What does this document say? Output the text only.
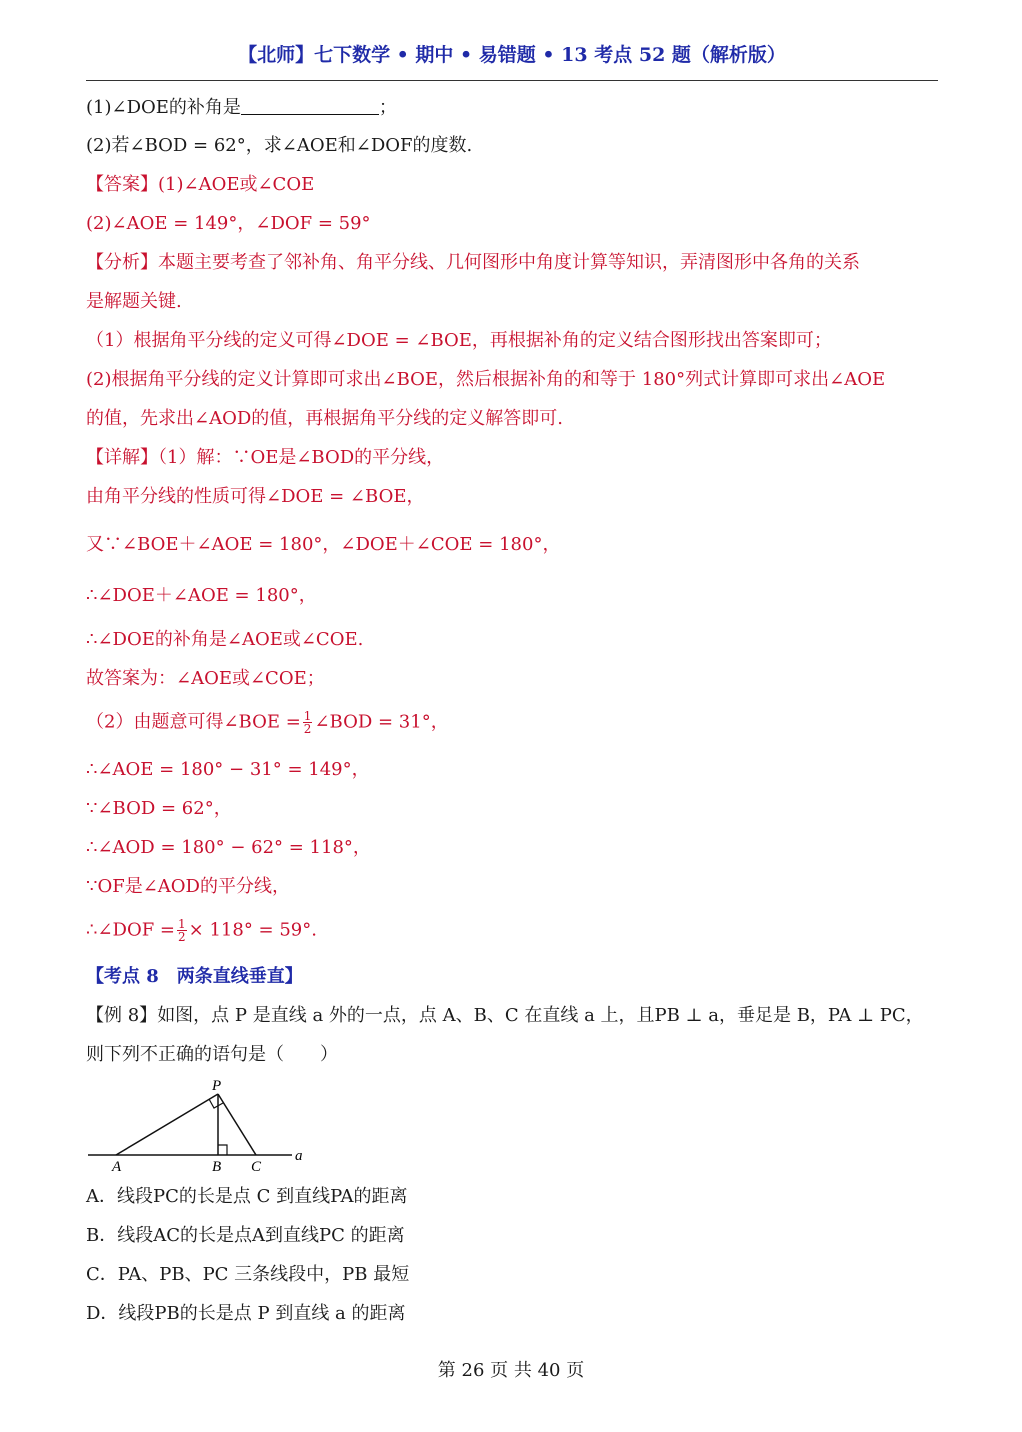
【北师】七下数学 • 期中 • 易错题 • 13 考点 52 题（解析版）
(1)∠DOE的补角是	；
(2)若∠BOD = 62°，求∠AOE和∠DOF的度数.
【答案】(1)∠AOE或∠COE
(2)∠AOE = 149°，∠DOF = 59°
【分析】本题主要考查了邻补角、角平分线、几何图形中角度计算等知识，弄清图形中各角的关系
是解题关键.
（1）根据角平分线的定义可得∠DOE = ∠BOE，再根据补角的定义结合图形找出答案即可；
(2)根据角平分线的定义计算即可求出∠BOE，然后根据补角的和等于 180°列式计算即可求出∠AOE
的值，先求出∠AOD的值，再根据角平分线的定义解答即可.
【详解】（1）解：∵OE是∠BOD的平分线，
由角平分线的性质可得∠DOE = ∠BOE，
又∵∠BOE＋∠AOE = 180°，∠DOE＋∠COE = 180°，
∴∠DOE＋∠AOE = 180°，
∴∠DOE的补角是∠AOE或∠COE.
故答案为：∠AOE或∠COE；
（2）由题意可得∠BOE = $\frac{1}{2}$ ∠BOD = 31°，
∴∠AOE = 180° − 31° = 149°，
∵∠BOD = 62°，
∴∠AOD = 180° − 62° = 118°，
∵OF是∠AOD的平分线，
∴∠DOF = $\frac{1}{2} \times 118^\circ = 59^\circ$.
【考点 8　两条直线垂直】
【例 8】如图，点 P 是直线 a 外的一点，点 A、B、C 在直线 a 上，且PB ⊥ a，垂足是 B，PA ⊥ PC，
则下列不正确的语句是（　　）
P
A	B C
a
A．线段PC的长是点 C 到直线PA的距离
B．线段AC的长是点A到直线PC 的距离
C．PA、PB、PC 三条线段中，PB 最短
D．线段PB的长是点 P 到直线 a 的距离
第 26 页 共 40 页
